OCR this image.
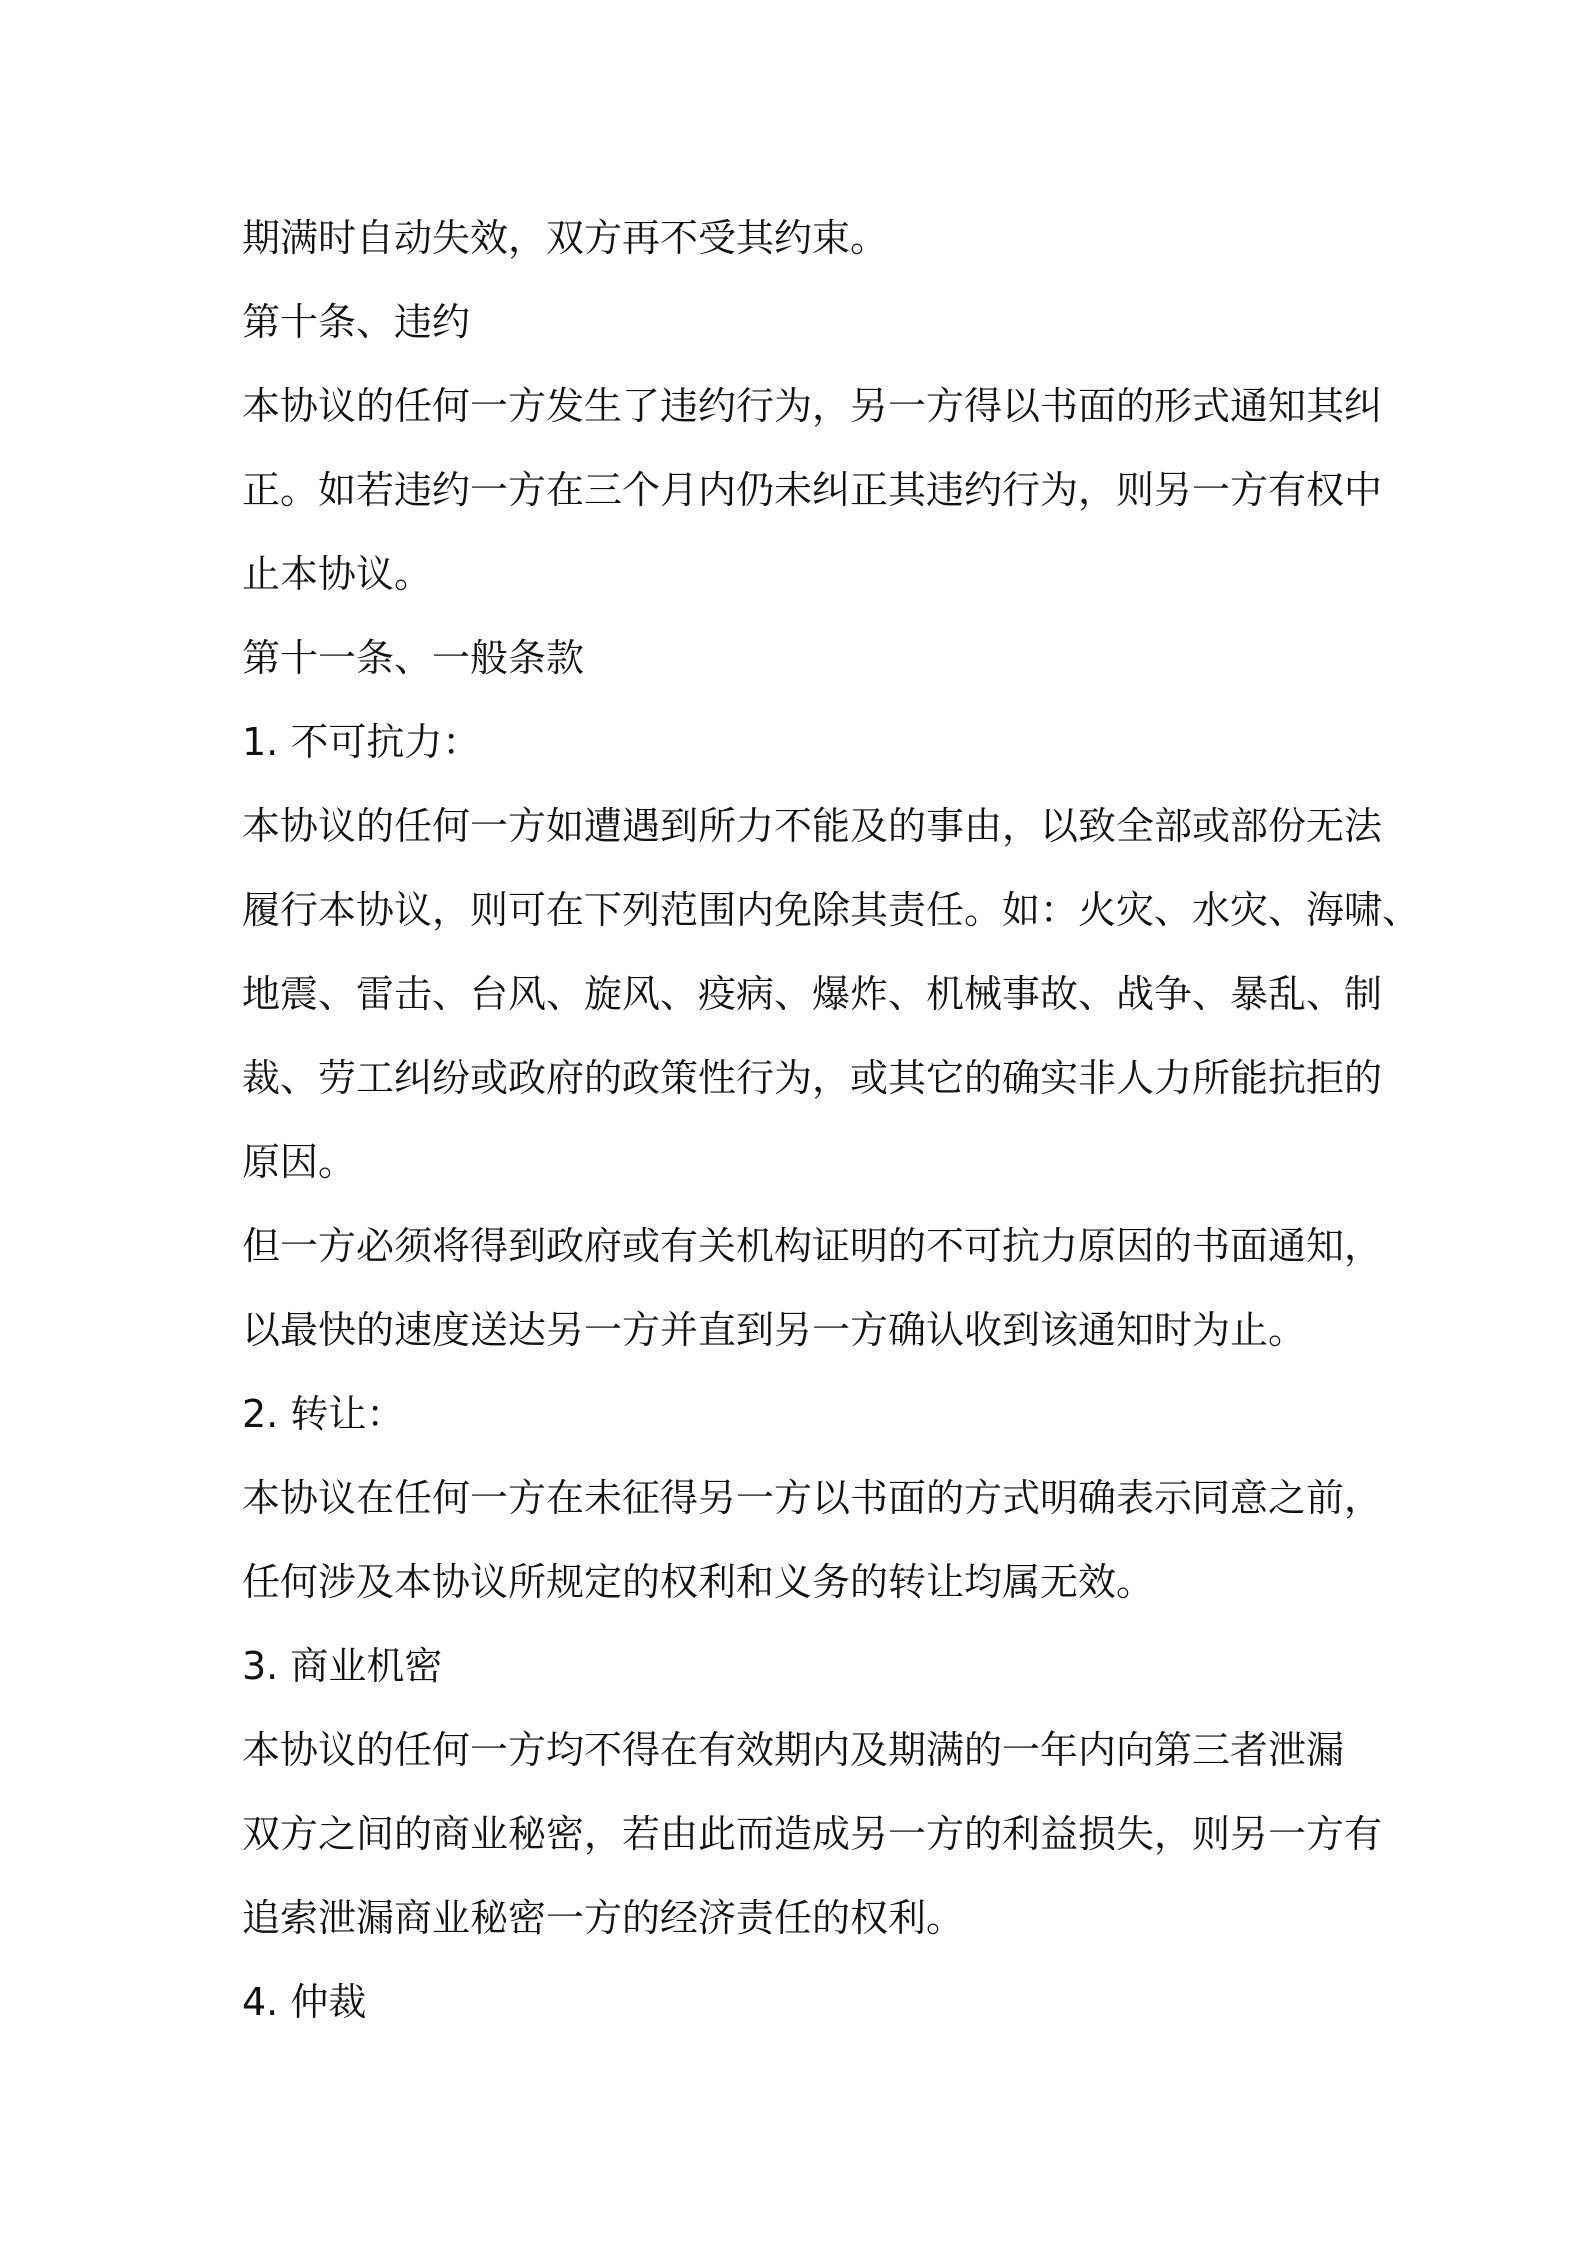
期满时自动失效，双方再不受其约束。
第十条、违约
本协议的任何一方发生了违约行为，另一方得以书面的形式通知其纠
正。如若违约一方在三个月内仍未纠正其违约行为，则另一方有权中
止本协议。
第十一条、一般条款
1. 不可抗力：
本协议的任何一方如遭遇到所力不能及的事由，以致全部或部份无法
履行本协议，则可在下列范围内免除其责任。如：火灾、水灾、海啸、
地震、雷击、台风、旋风、疫病、爆炸、机械事故、战争、暴乱、制
裁、劳工纠纷或政府的政策性行为，或其它的确实非人力所能抗拒的
原因。
但一方必须将得到政府或有关机构证明的不可抗力原因的书面通知，
以最快的速度送达另一方并直到另一方确认收到该通知时为止。
2. 转让：
本协议在任何一方在未征得另一方以书面的方式明确表示同意之前，
任何涉及本协议所规定的权利和义务的转让均属无效。
3. 商业机密
本协议的任何一方均不得在有效期内及期满的一年内向第三者泄漏
双方之间的商业秘密，若由此而造成另一方的利益损失，则另一方有
追索泄漏商业秘密一方的经济责任的权利。
4. 仲裁
